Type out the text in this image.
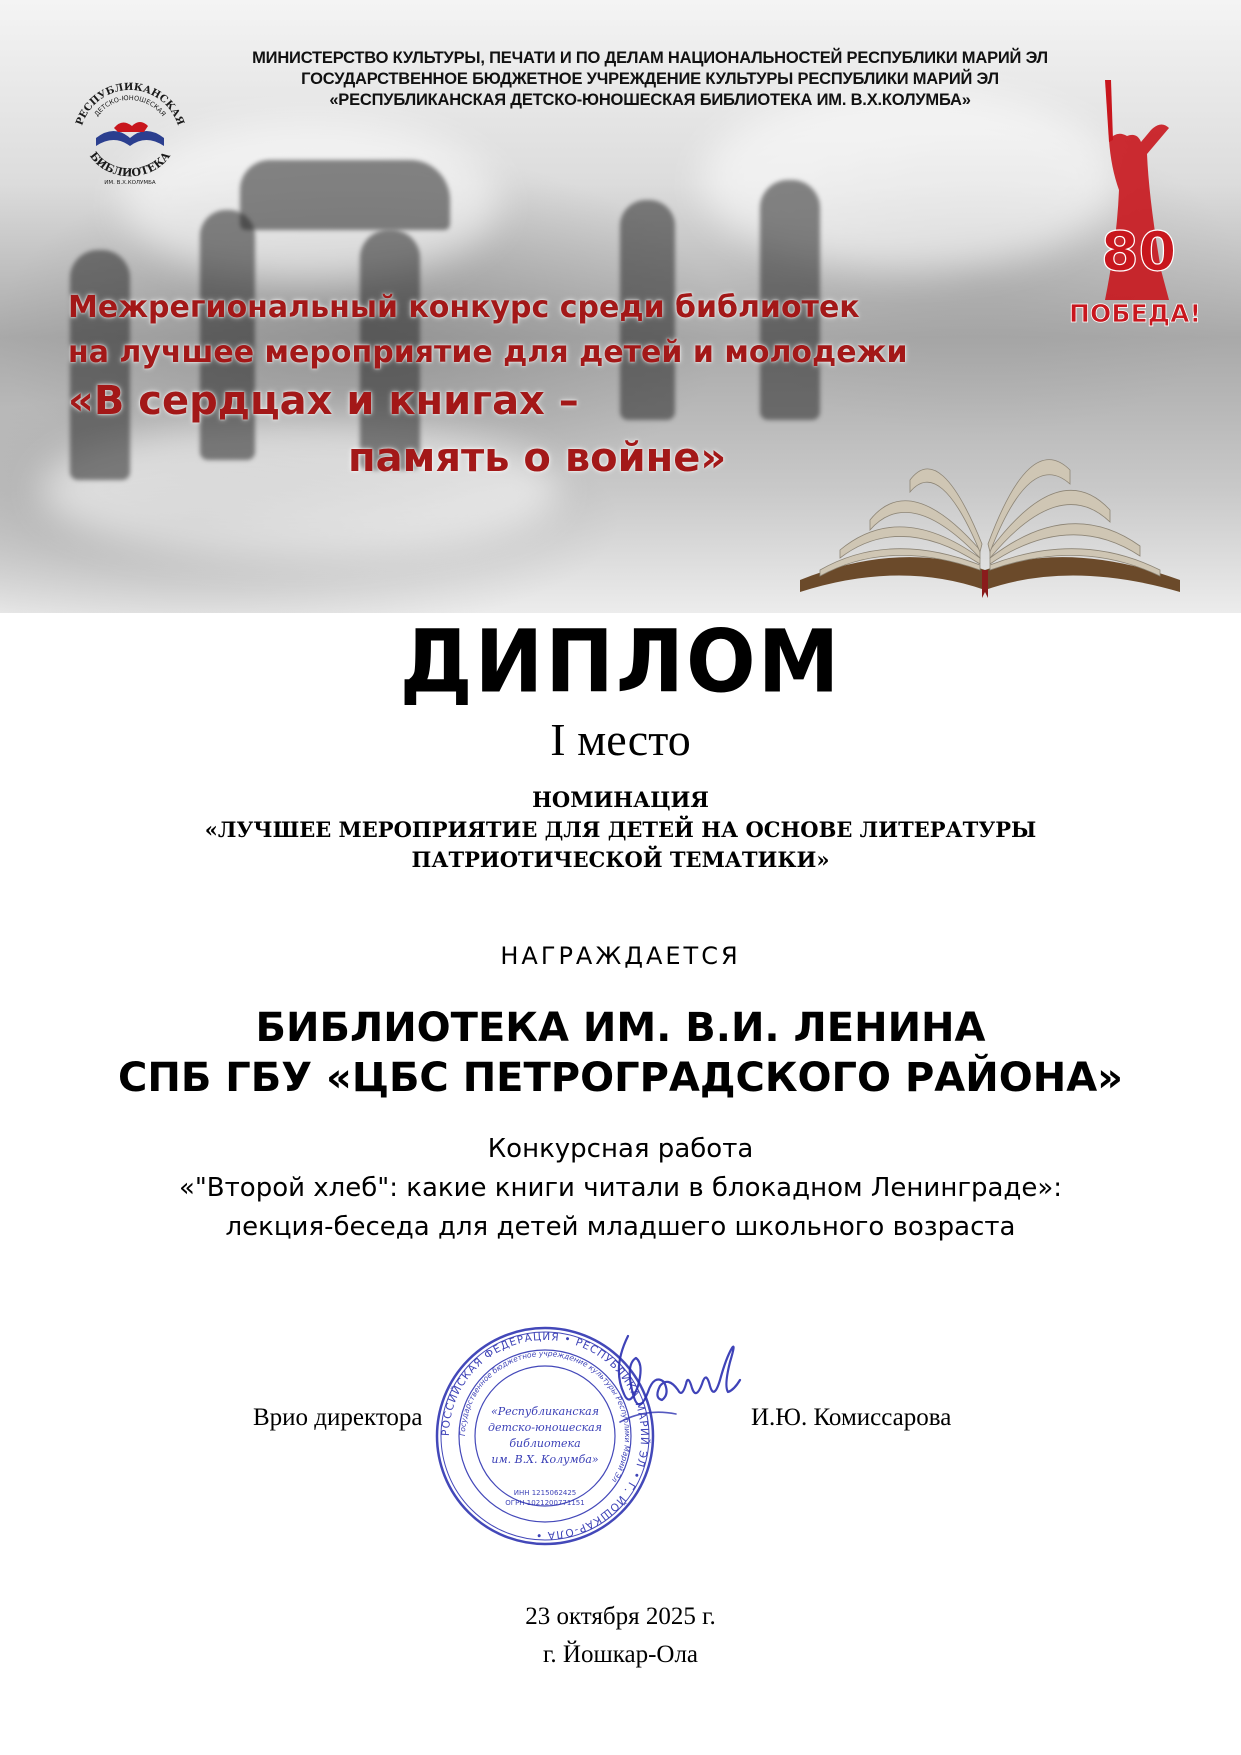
МИНИСТЕРСТВО КУЛЬТУРЫ, ПЕЧАТИ И ПО ДЕЛАМ НАЦИОНАЛЬНОСТЕЙ РЕСПУБЛИКИ МАРИЙ ЭЛ
ГОСУДАРСТВЕННОЕ БЮДЖЕТНОЕ УЧРЕЖДЕНИЕ КУЛЬТУРЫ РЕСПУБЛИКИ МАРИЙ ЭЛ
«РЕСПУБЛИКАНСКАЯ ДЕТСКО-ЮНОШЕСКАЯ БИБЛИОТЕКА ИМ. В.Х.КОЛУМБА»
РЕСПУБЛИКАНСКАЯ
ДЕТСКО-ЮНОШЕСКАЯ
БИБЛИОТЕКА
ИМ. В.Х.КОЛУМБА
Межрегиональный конкурс среди библиотек
на лучшее мероприятие для детей и молодежи
«В сердцах и книгах –
память о войне»
80
ПОБЕДА!
ДИПЛОМ
I место
НОМИНАЦИЯ
«ЛУЧШЕЕ МЕРОПРИЯТИЕ ДЛЯ ДЕТЕЙ НА ОСНОВЕ ЛИТЕРАТУРЫ
ПАТРИОТИЧЕСКОЙ ТЕМАТИКИ»
НАГРАЖДАЕТСЯ
БИБЛИОТЕКА ИМ. В.И. ЛЕНИНА
СПБ ГБУ «ЦБС ПЕТРОГРАДСКОГО РАЙОНА»
Конкурсная работа
«"Второй хлеб": какие книги читали в блокадном Ленинграде»:
лекция-беседа для детей младшего школьного возраста
Врио директора
РОССИЙСКАЯ ФЕДЕРАЦИЯ • РЕСПУБЛИКА МАРИЙ ЭЛ • Г. ЙОШКАР-ОЛА •
Государственное бюджетное учреждение культуры Республики Марий Эл
«Республиканская
детско-юношеская
библиотека
им. В.Х. Колумба»
ИНН 1215062425
ОГРН 1021200771151
И.Ю. Комиссарова
23 октября 2025 г.
г. Йошкар-Ола
